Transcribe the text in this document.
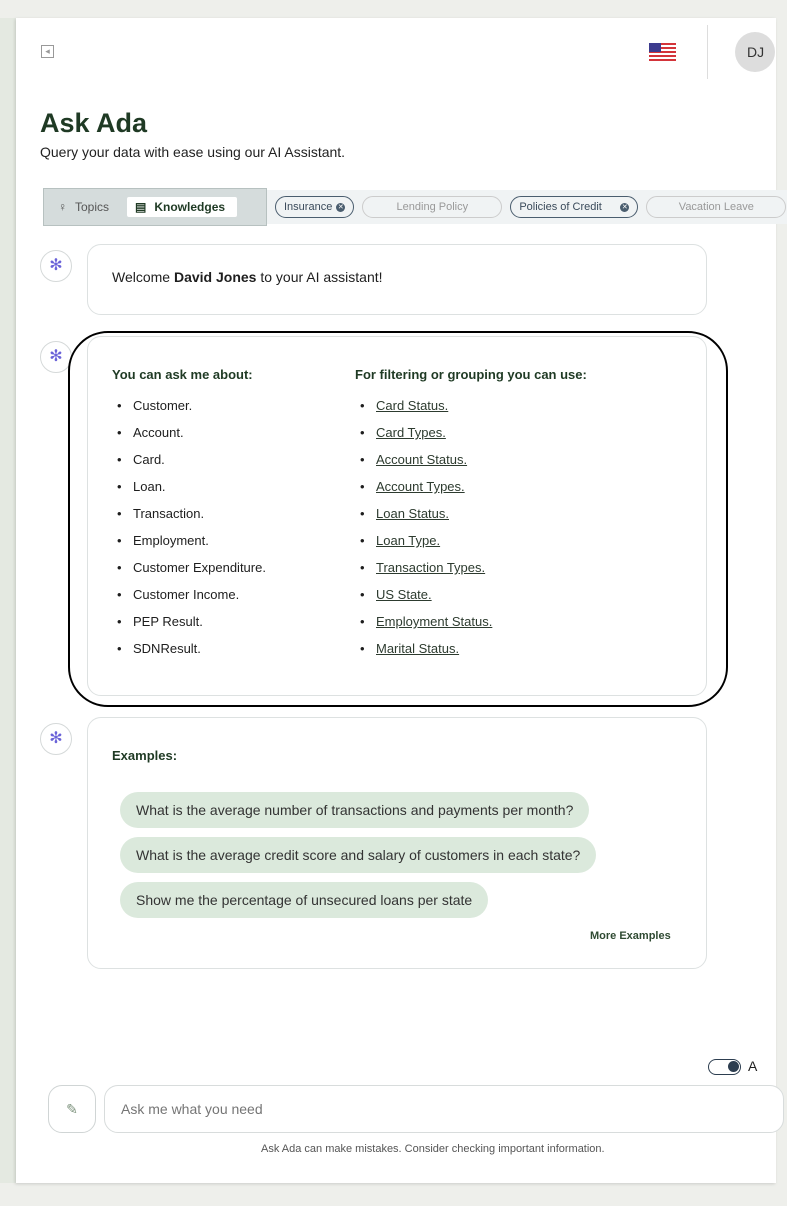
◂	DJ
Ask Ada
Query your data with ease using our AI Assistant.
♀ Topics ▤ Knowledges	Insurance ✕	Lending Policy	Policies of Credit	✕	Vacation Leave
✻
Welcome David Jones to your AI assistant!
✻
You can ask me about:
• Customer.
• Account.
• Card.
• Loan.
• Transaction.
• Employment.
• Customer Expenditure.
• Customer Income.
• PEP Result.
• SDNResult.
For filtering or grouping you can use:
• Card Status.
• Card Types.
• Account Status.
• Account Types.
• Loan Status.
• Loan Type.
• Transaction Types.
• US State.
• Employment Status.
• Marital Status.
✻
Examples:
What is the average number of transactions and payments per month?
What is the average credit score and salary of customers in each state?
Show me the percentage of unsecured loans per state
More Examples
A
✎
Ask me what you need
Ask Ada can make mistakes. Consider checking important information.
